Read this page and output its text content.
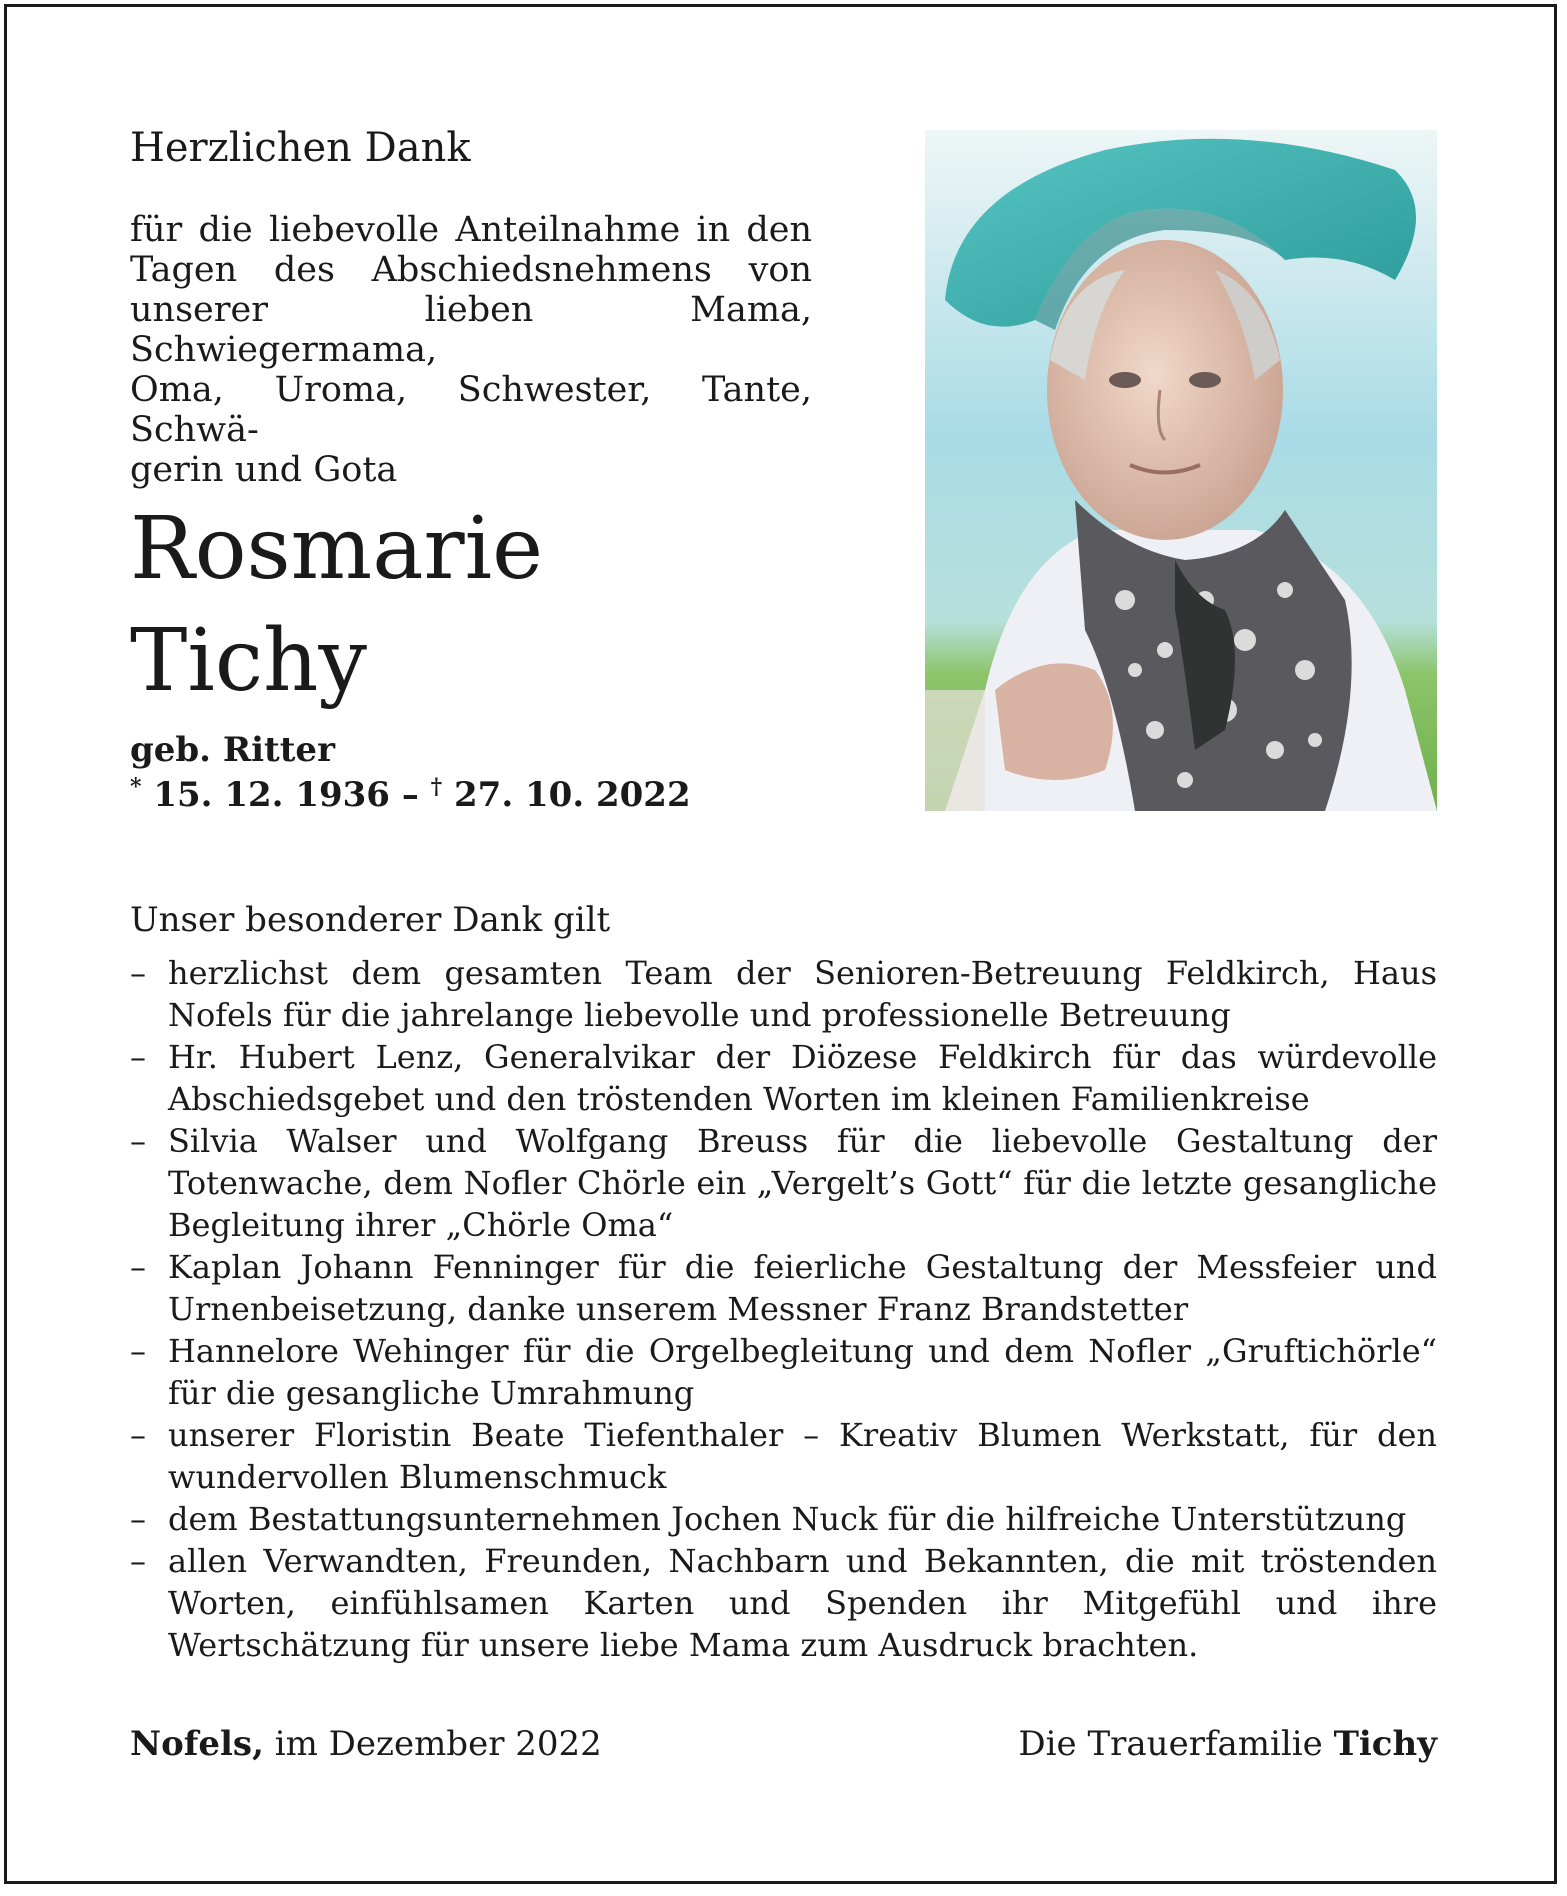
Herzlichen Dank
für die liebevolle Anteilnahme in den
Tagen des Abschiedsnehmens von
unserer lieben Mama, Schwiegermama,
Oma, Uroma, Schwester, Tante, Schwä-
gerin und Gota
Rosmarie
Tichy
geb. Ritter
* 15. 12. 1936 – † 27. 10. 2022
Unser besonderer Dank gilt
– herzlichst dem gesamten Team der Senioren-Betreuung Feldkirch, Haus Nofels für die jahrelange liebevolle und professionelle Betreuung
– Hr. Hubert Lenz, Generalvikar der Diözese Feldkirch für das würdevolle Abschiedsgebet und den tröstenden Worten im kleinen Familienkreise
– Silvia Walser und Wolfgang Breuss für die liebevolle Gestaltung der Totenwache, dem Nofler Chörle ein „Vergelt’s Gott“ für die letzte gesangliche Begleitung ihrer „Chörle Oma“
– Kaplan Johann Fenninger für die feierliche Gestaltung der Messfeier und Urnenbeisetzung, danke unserem Messner Franz Brandstetter
– Hannelore Wehinger für die Orgelbegleitung und dem Nofler „Gruftichörle“ für die gesangliche Umrahmung
– unserer Floristin Beate Tiefenthaler – Kreativ Blumen Werkstatt, für den wundervollen Blumenschmuck
– dem Bestattungsunternehmen Jochen Nuck für die hilfreiche Unterstützung
– allen Verwandten, Freunden, Nachbarn und Bekannten, die mit tröstenden Worten, einfühlsamen Karten und Spenden ihr Mitgefühl und ihre Wertschätzung für unsere liebe Mama zum Ausdruck brachten.
Nofels, im Dezember 2022	Die Trauerfamilie Tichy
